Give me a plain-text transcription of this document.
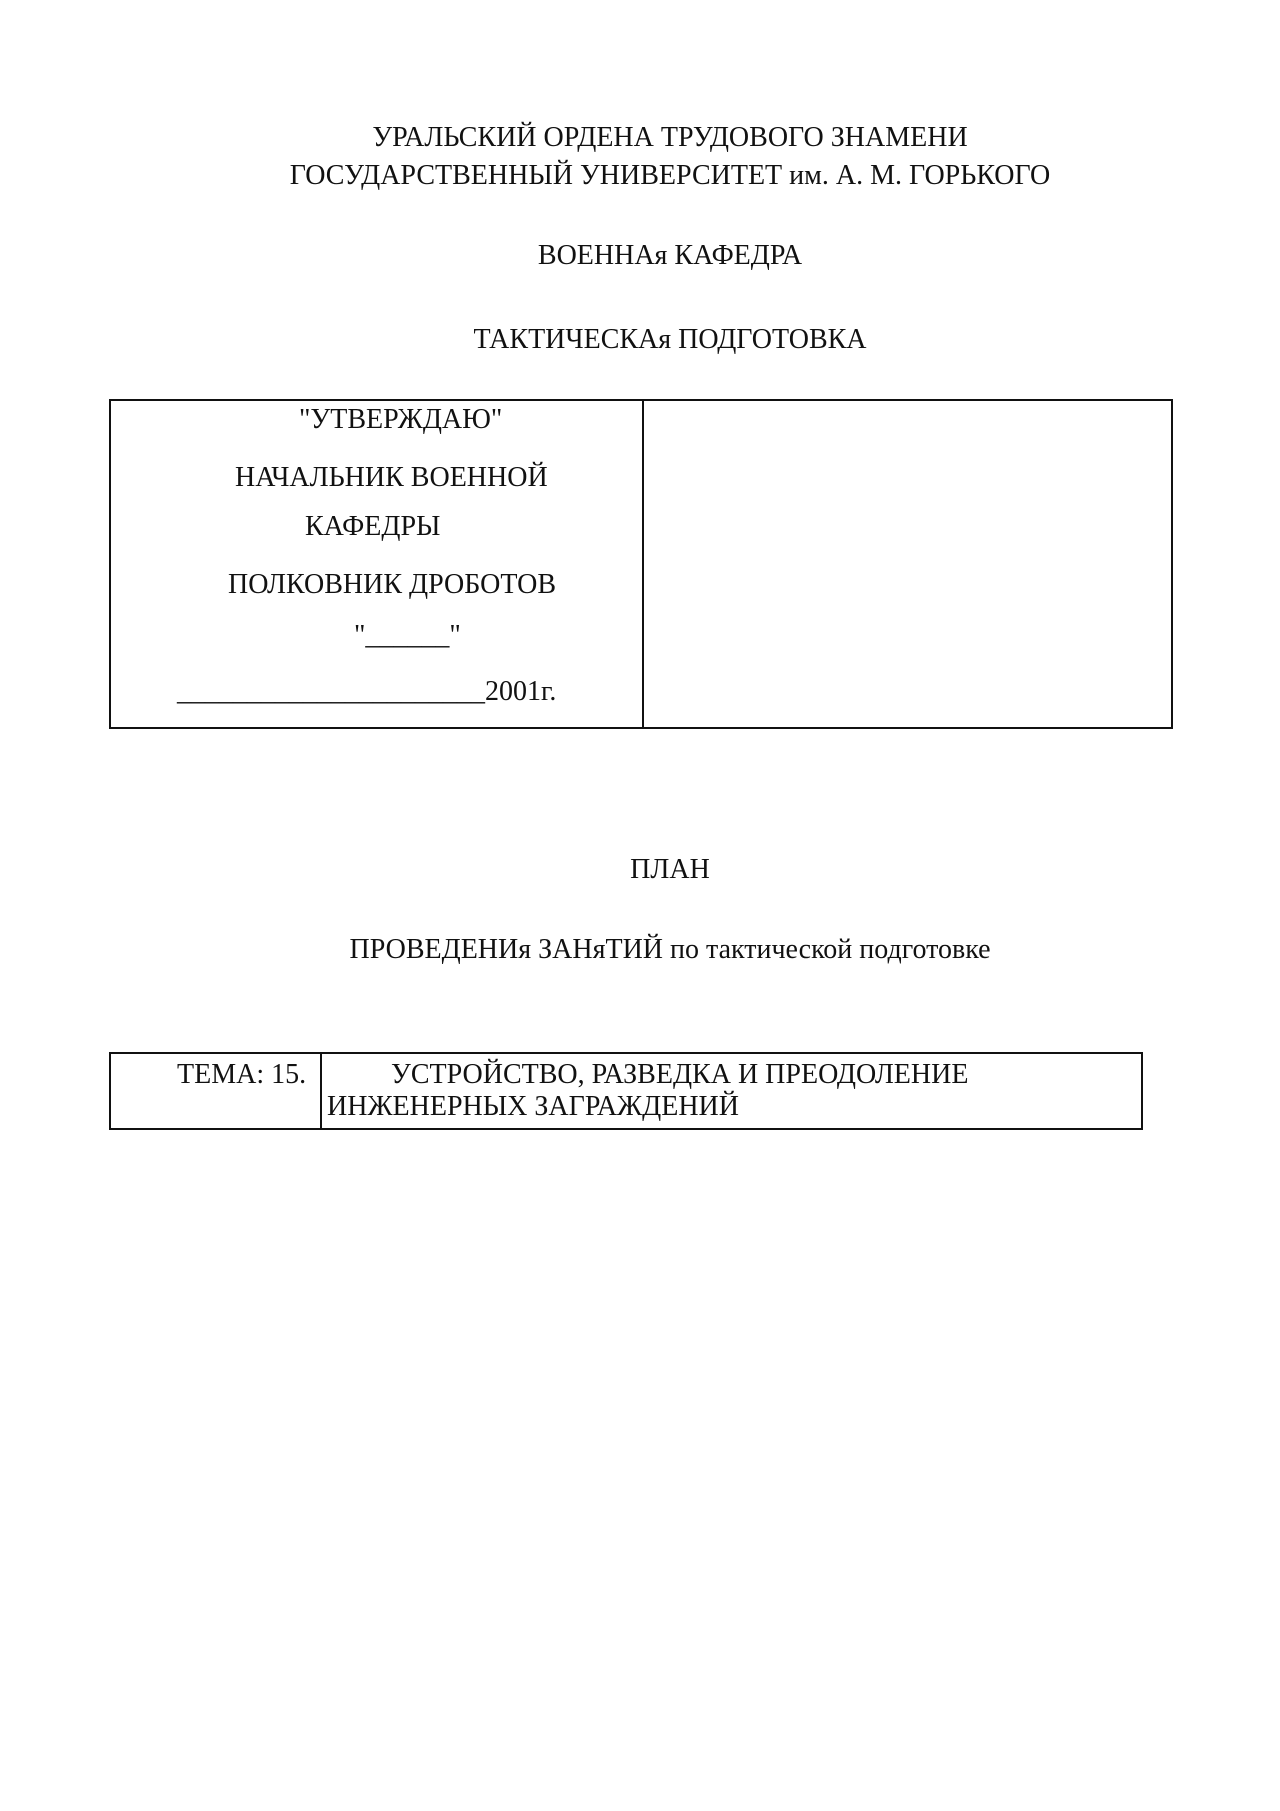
УРАЛЬСКИЙ ОРДЕНА ТРУДОВОГО ЗНАМЕНИ
ГОСУДАРСТВЕННЫЙ УНИВЕРСИТЕТ им. А. М. ГОРЬКОГО
ВОЕННАя КАФЕДРА
ТАКТИЧЕСКАя ПОДГОТОВКА
"УТВЕРЖДАЮ"
НАЧАЛЬНИК ВОЕННОЙ
КАФЕДРЫ
ПОЛКОВНИК ДРОБОТОВ
"______"
______________________2001г.
ПЛАН
ПРОВЕДЕНИя ЗАНяТИЙ по тактической подготовке
ТЕМА: 15.	УСТРОЙСТВО, РАЗВЕДКА И ПРЕОДОЛЕНИЕ
ИНЖЕНЕРНЫХ ЗАГРАЖДЕНИЙ
